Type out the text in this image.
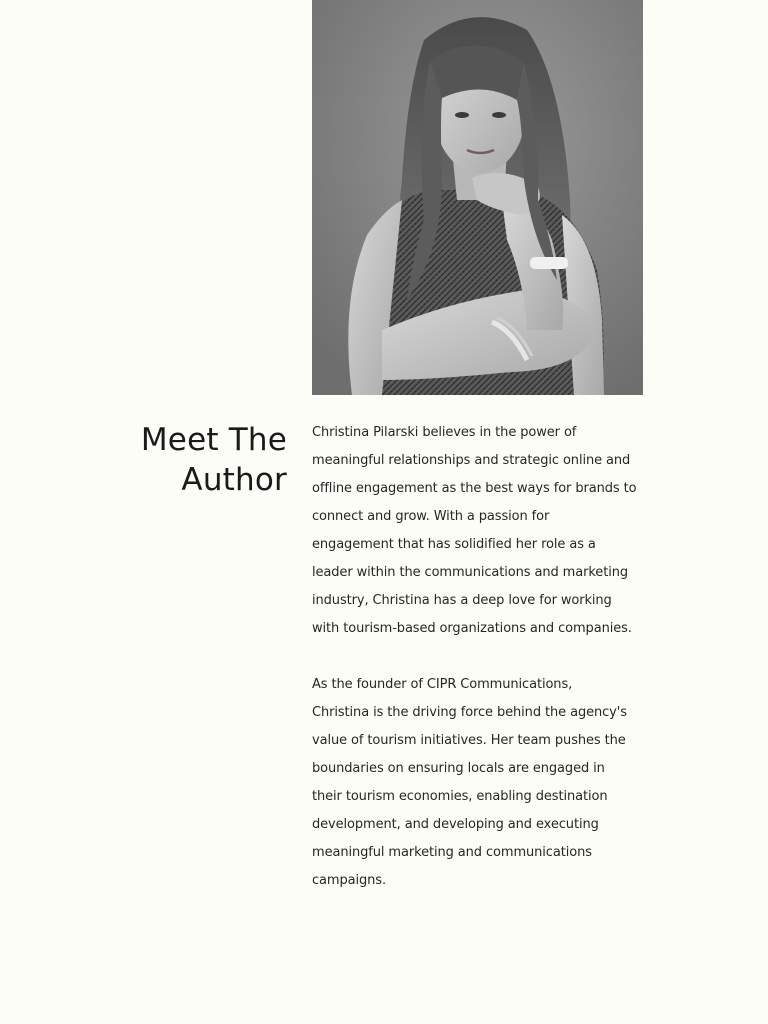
Meet The
Author

Christina Pilarski believes in the power of
meaningful relationships and strategic online and
offline engagement as the best ways for brands to
connect and grow. With a passion for
engagement that has solidified her role as a
leader within the communications and marketing
industry, Christina has a deep love for working
with tourism-based organizations and companies.

As the founder of CIPR Communications,
Christina is the driving force behind the agency's
value of tourism initiatives. Her team pushes the
boundaries on ensuring locals are engaged in
their tourism economies, enabling destination
development, and developing and executing
meaningful marketing and communications
campaigns.
